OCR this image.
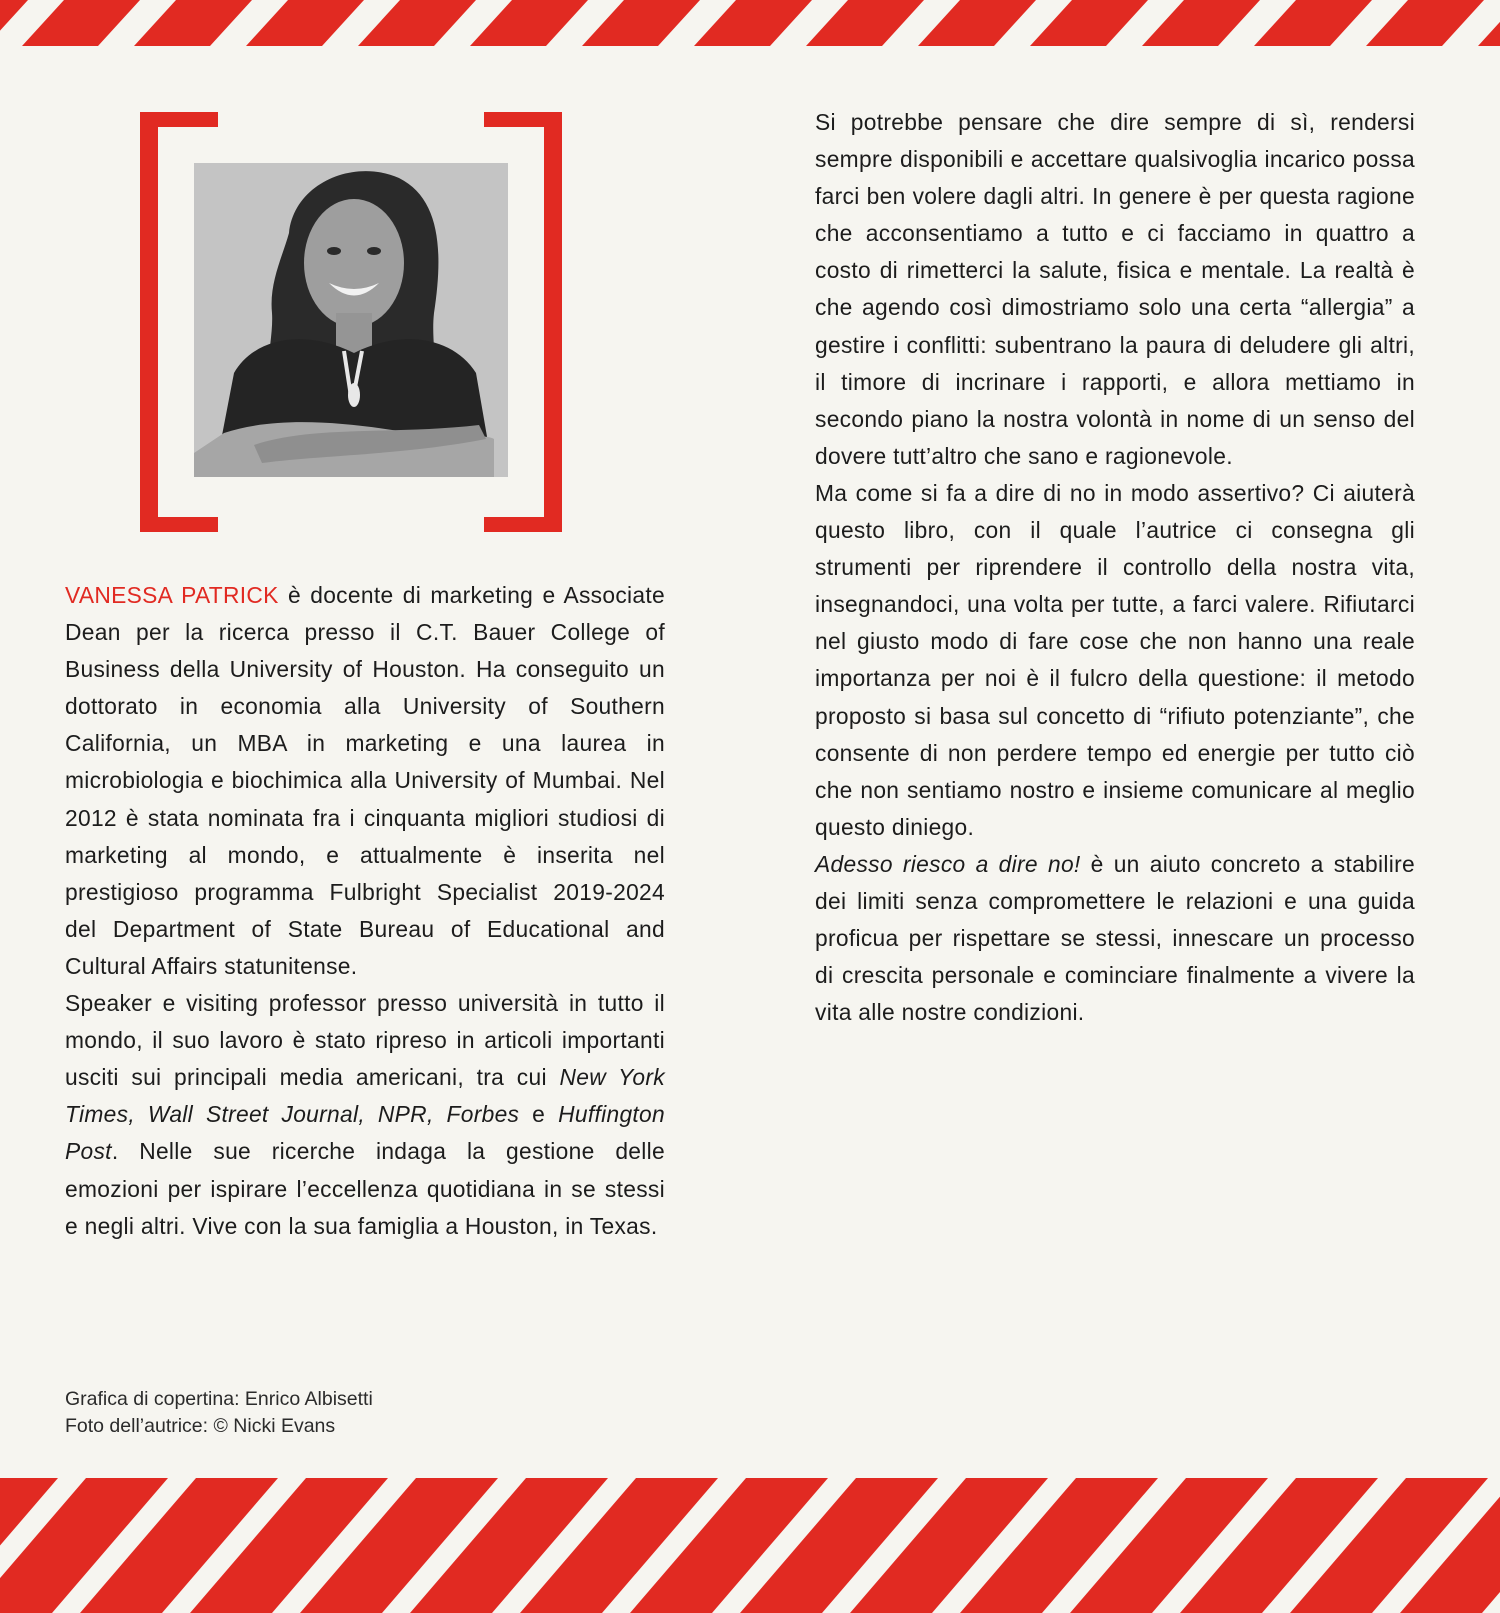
VANESSA PATRICK è docente di marketing e Associate Dean per la ricerca presso il C.T. Bauer College of Business della University of Houston. Ha conseguito un dottorato in economia alla University of Southern California, un MBA in marketing e una laurea in microbiologia e biochimica alla University of Mumbai. Nel 2012 è stata nominata fra i cinquanta migliori studiosi di marketing al mondo, e attualmente è inserita nel prestigioso programma Fulbright Specialist 2019-2024 del Department of State Bureau of Educational and Cultural Affairs statunitense.

Speaker e visiting professor presso università in tutto il mondo, il suo lavoro è stato ripreso in articoli importanti usciti sui principali media americani, tra cui New York Times, Wall Street Journal, NPR, Forbes e Huffington Post. Nelle sue ricerche indaga la gestione delle emozioni per ispirare l’eccellenza quotidiana in se stessi e negli altri. Vive con la sua famiglia a Houston, in Texas.

Si potrebbe pensare che dire sempre di sì, rendersi sempre disponibili e accettare qualsivoglia incarico possa farci ben volere dagli altri. In genere è per questa ragione che acconsentiamo a tutto e ci facciamo in quattro a costo di rimetterci la salute, fisica e mentale. La realtà è che agendo così dimostriamo solo una certa “allergia” a gestire i conflitti: subentrano la paura di deludere gli altri, il timore di incrinare i rapporti, e allora mettiamo in secondo piano la nostra volontà in nome di un senso del dovere tutt’altro che sano e ragionevole.

Ma come si fa a dire di no in modo assertivo? Ci aiuterà questo libro, con il quale l’autrice ci consegna gli strumenti per riprendere il controllo della nostra vita, insegnandoci, una volta per tutte, a farci valere. Rifiutarci nel giusto modo di fare cose che non hanno una reale importanza per noi è il fulcro della questione: il metodo proposto si basa sul concetto di “rifiuto potenziante”, che consente di non perdere tempo ed energie per tutto ciò che non sentiamo nostro e insieme comunicare al meglio questo diniego.

Adesso riesco a dire no! è un aiuto concreto a stabilire dei limiti senza compromettere le relazioni e una guida proficua per rispettare se stessi, innescare un processo di crescita personale e cominciare finalmente a vivere la vita alle nostre condizioni.

Grafica di copertina: Enrico Albisetti
Foto dell’autrice: © Nicki Evans
